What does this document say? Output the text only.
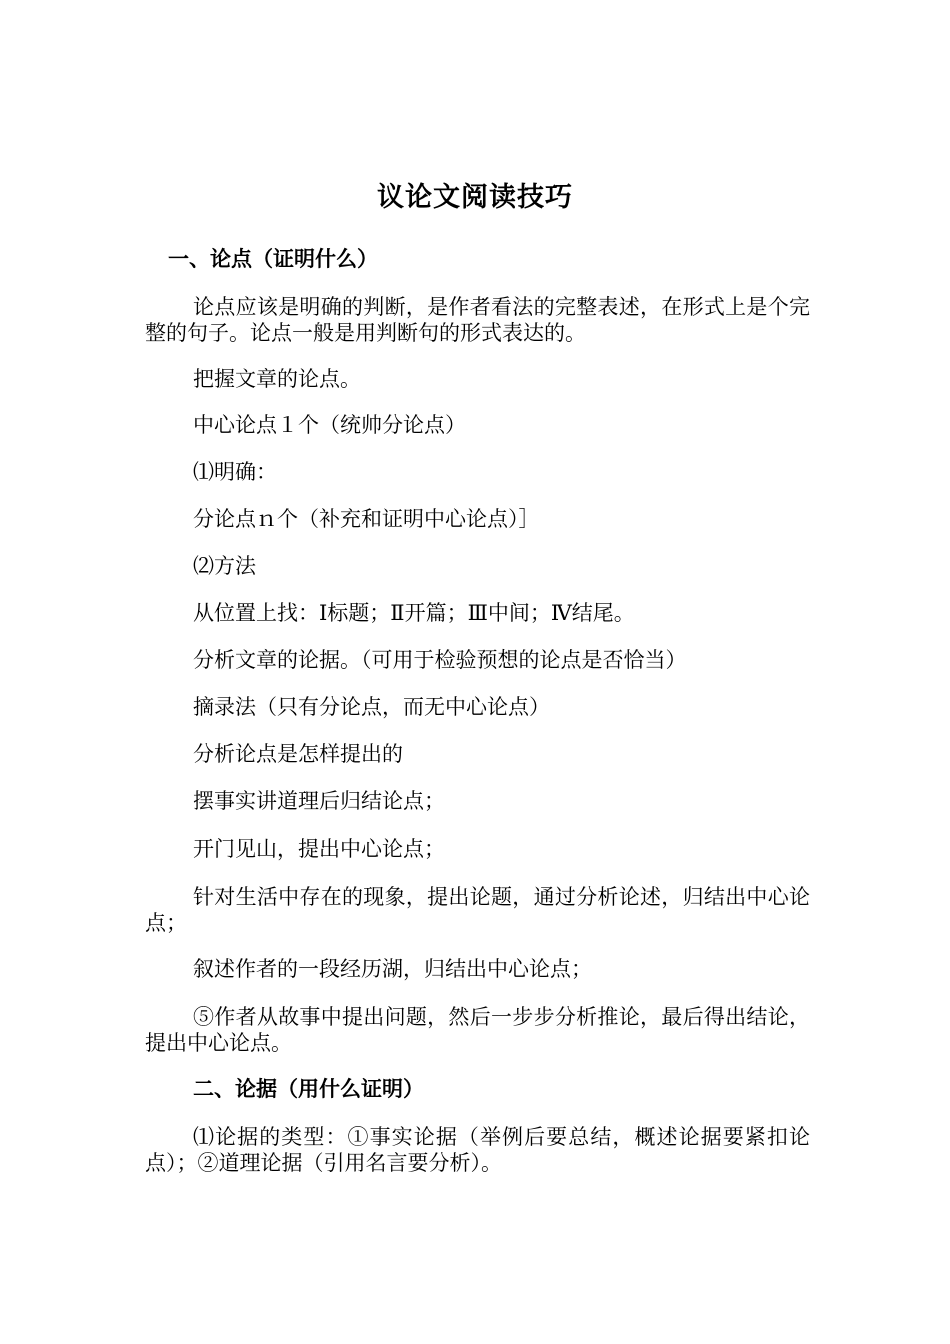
议论文阅读技巧
一、论点（证明什么）
论点应该是明确的判断，是作者看法的完整表述，在形式上是个完整的句子。论点一般是用判断句的形式表达的。
把握文章的论点。
中心论点１个（统帅分论点）
⑴明确：
分论点ｎ个（补充和证明中心论点）］
⑵方法
从位置上找：Ⅰ标题；Ⅱ开篇；Ⅲ中间；Ⅳ结尾。
分析文章的论据。（可用于检验预想的论点是否恰当）
摘录法（只有分论点，而无中心论点）
分析论点是怎样提出的
摆事实讲道理后归结论点；
开门见山，提出中心论点；
针对生活中存在的现象，提出论题，通过分析论述，归结出中心论点；
叙述作者的一段经历湖，归结出中心论点；
⑤作者从故事中提出问题，然后一步步分析推论，最后得出结论，提出中心论点。
二、论据（用什么证明）
⑴论据的类型：①事实论据（举例后要总结，概述论据要紧扣论点）；②道理论据（引用名言要分析）。
